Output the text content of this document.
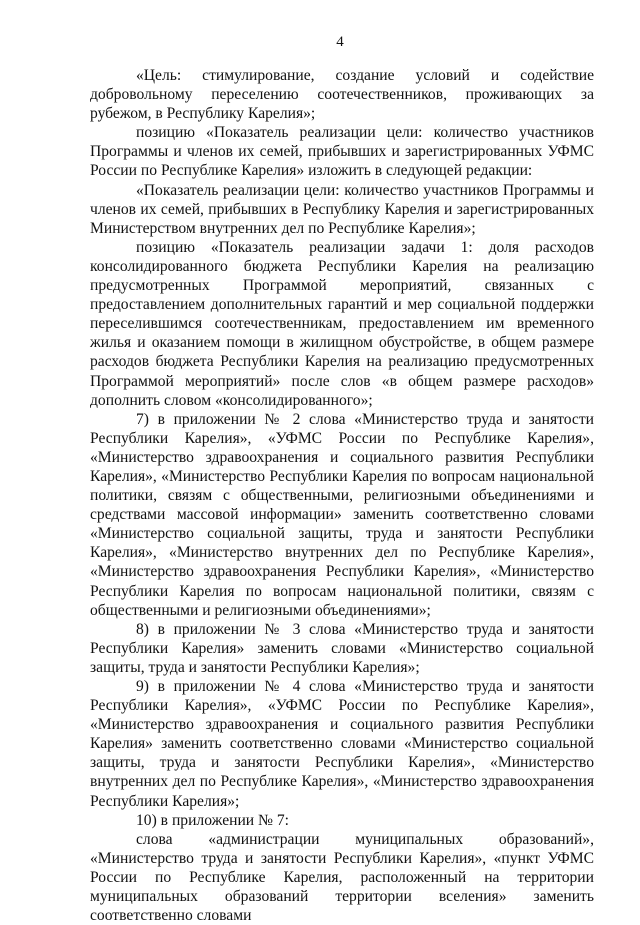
4

«Цель: стимулирование, создание условий и содействие добровольному переселению соотечественников, проживающих за рубежом, в Республику Карелия»;

позицию «Показатель реализации цели: количество участников Программы и членов их семей, прибывших и зарегистрированных УФМС России по Республике Карелия» изложить в следующей редакции:

«Показатель реализации цели: количество участников Программы и членов их семей, прибывших в Республику Карелия и зарегистрированных Министерством внутренних дел по Республике Карелия»;

позицию «Показатель реализации задачи 1: доля расходов консолидированного бюджета Республики Карелия на реализацию предусмотренных Программой мероприятий, связанных с предоставлением дополнительных гарантий и мер социальной поддержки переселившимся соотечественникам, предоставлением им временного жилья и оказанием помощи в жилищном обустройстве, в общем размере расходов бюджета Республики Карелия на реализацию предусмотренных Программой мероприятий» после слов «в общем размере расходов» дополнить словом «консолидированного»;

7) в приложении № 2 слова «Министерство труда и занятости Республики Карелия», «УФМС России по Республике Карелия», «Министерство здравоохранения и социального развития Республики Карелия», «Министерство Республики Карелия по вопросам национальной политики, связям с общественными, религиозными объединениями и средствами массовой информации» заменить соответственно словами «Министерство социальной защиты, труда и занятости Республики Карелия», «Министерство внутренних дел по Республике Карелия», «Министерство здравоохранения Республики Карелия», «Министерство Республики Карелия по вопросам национальной политики, связям с общественными и религиозными объединениями»;

8) в приложении № 3 слова «Министерство труда и занятости Республики Карелия» заменить словами «Министерство социальной защиты, труда и занятости Республики Карелия»;

9) в приложении № 4 слова «Министерство труда и занятости Республики Карелия», «УФМС России по Республике Карелия», «Министерство здравоохранения и социального развития Республики Карелия» заменить соответственно словами «Министерство социальной защиты, труда и занятости Республики Карелия», «Министерство внутренних дел по Республике Карелия», «Министерство здравоохранения Республики Карелия»;

10) в приложении № 7:

слова «администрации муниципальных образований», «Министерство труда и занятости Республики Карелия», «пункт УФМС России по Республике Карелия, расположенный на территории муниципальных образований территории вселения» заменить соответственно словами
